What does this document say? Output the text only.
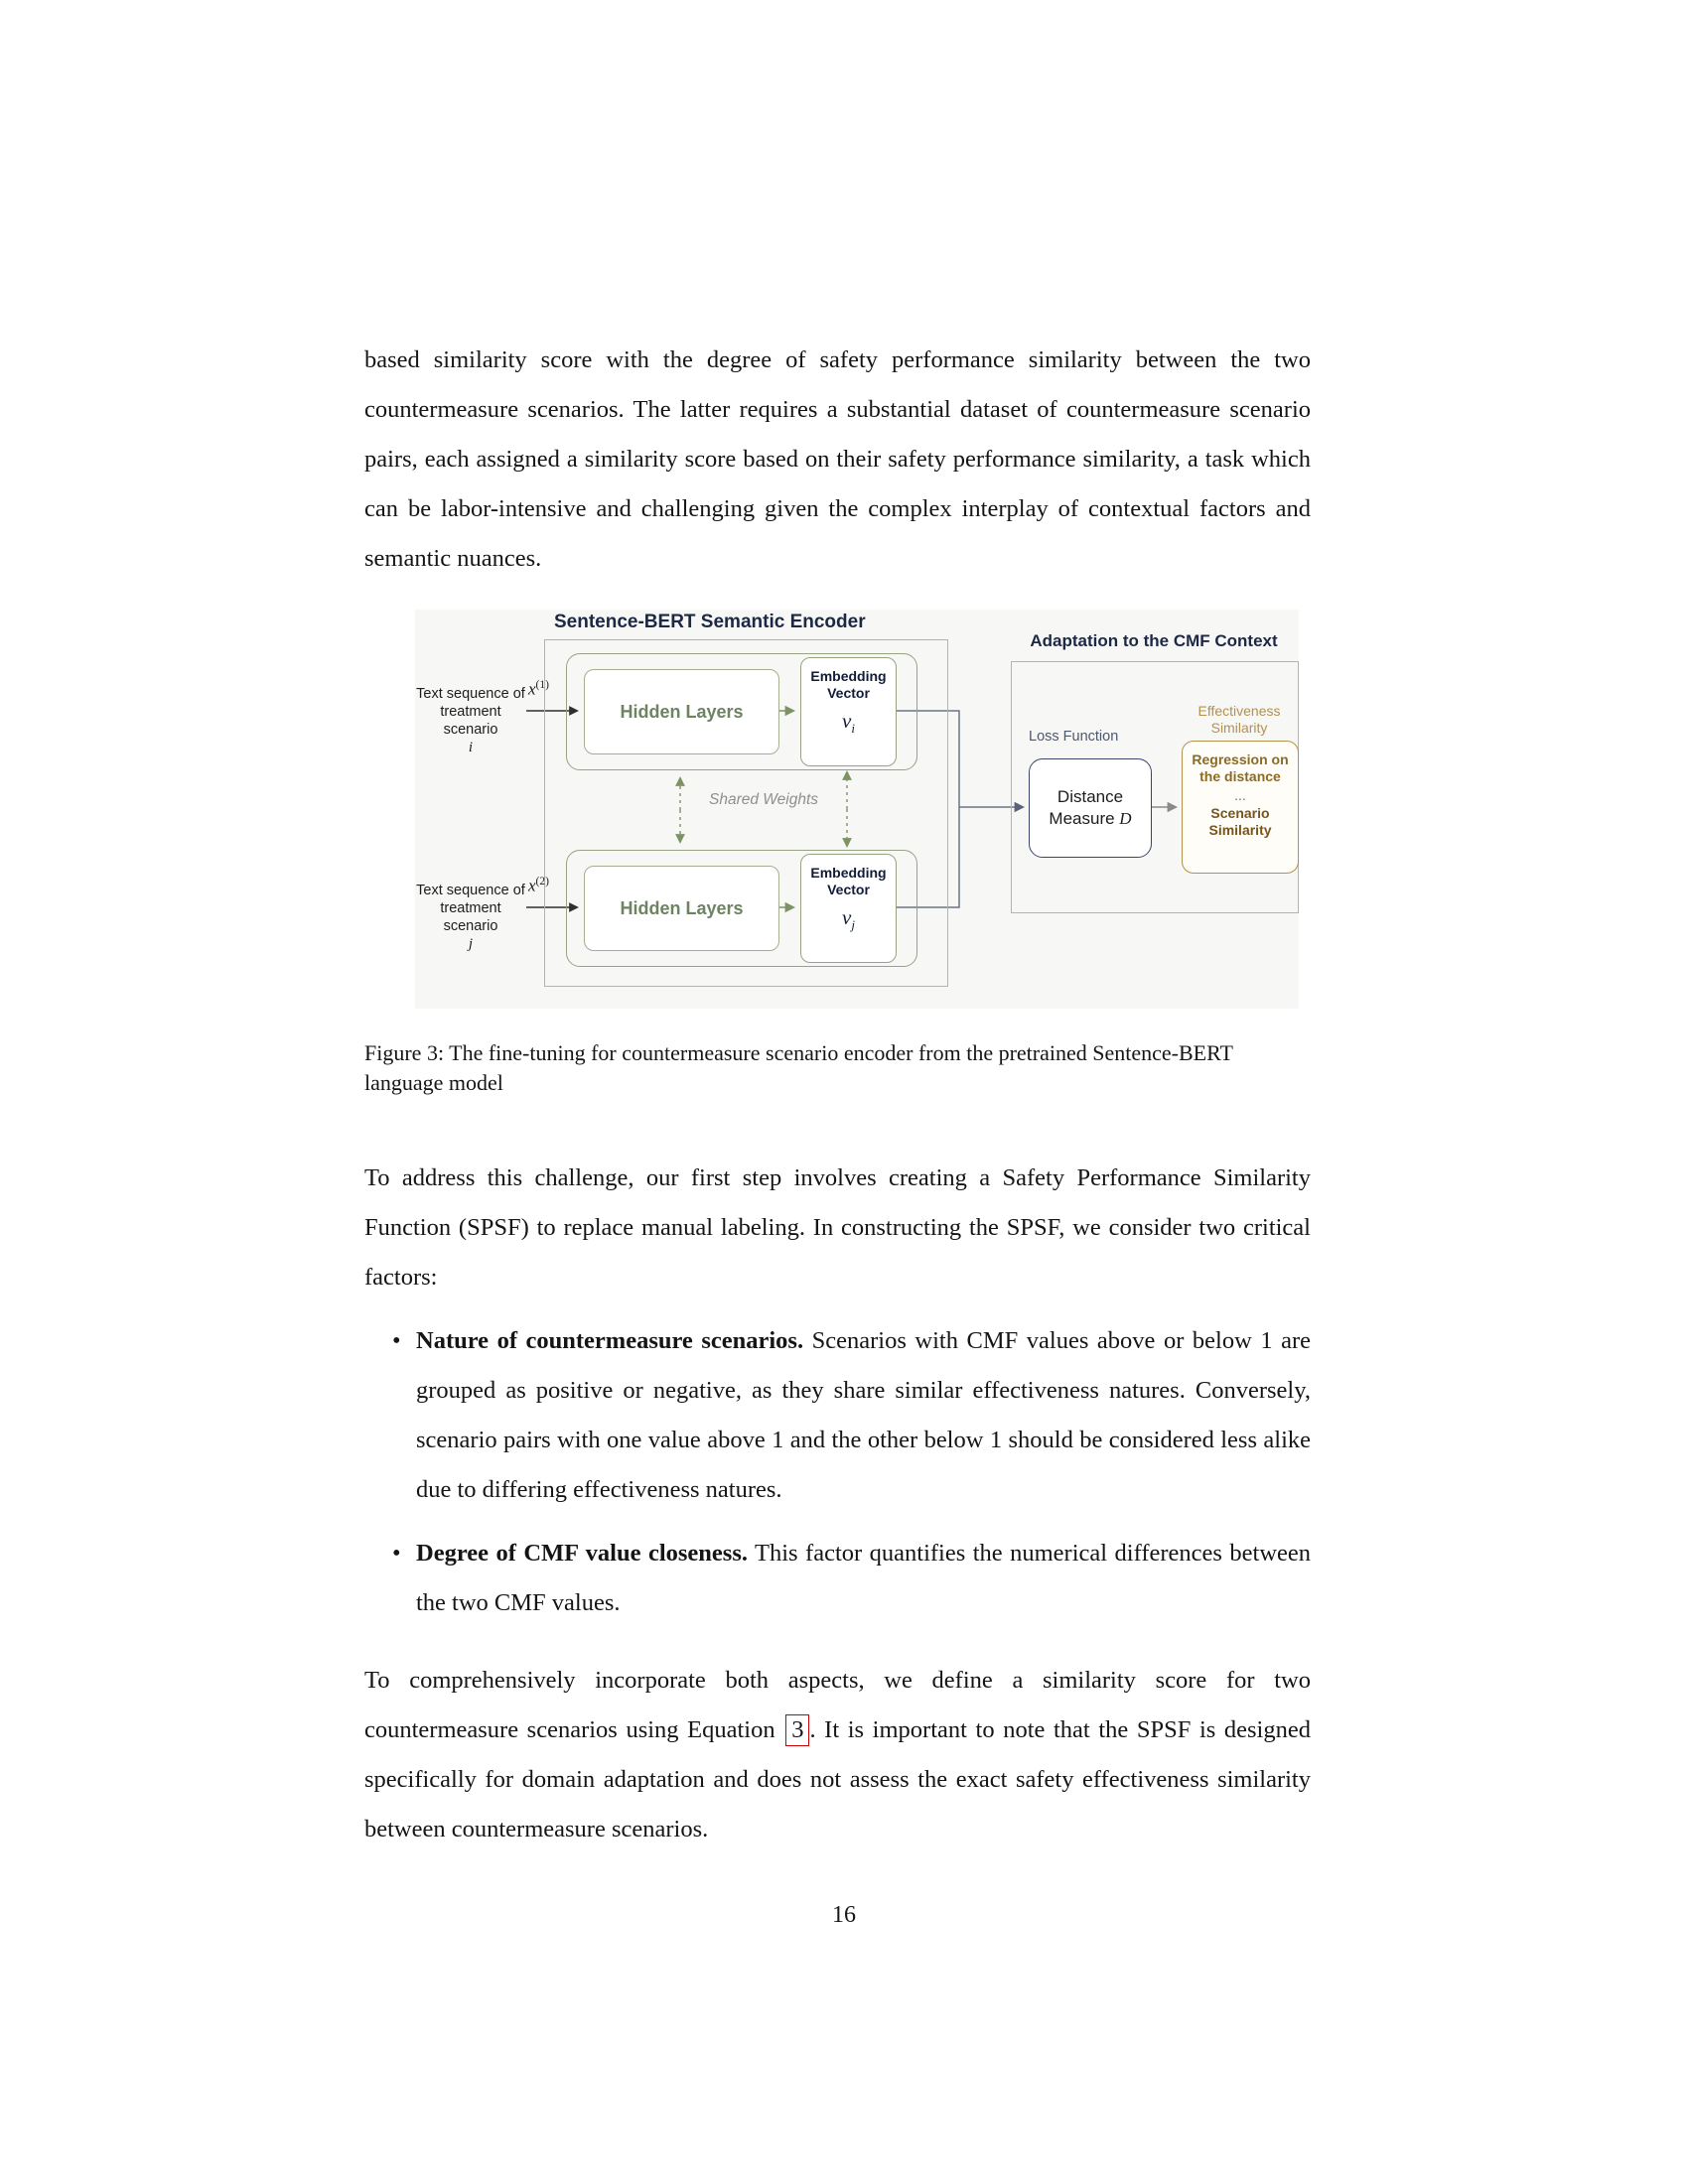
based similarity score with the degree of safety performance similarity between the two countermeasure scenarios. The latter requires a substantial dataset of countermeasure scenario pairs, each assigned a similarity score based on their safety performance similarity, a task which can be labor-intensive and challenging given the complex interplay of contextual factors and semantic nuances.

Sentence-BERT Semantic Encoder
Text sequence of treatment scenario
i
Text sequence of treatment scenario
j
$x^{(1)}$
$x^{(2)}$
Hidden Layers
Hidden Layers
Shared Weights
Embedding Vector
$v_i$
Embedding Vector
$v_j$
Adaptation to the CMF Context
Loss Function
Effectiveness Similarity
Distance Measure D
Regression on the distance
...
Scenario Similarity
Figure 3: The fine-tuning for countermeasure scenario encoder from the pretrained Sentence-BERT language model

To address this challenge, our first step involves creating a Safety Performance Similarity Function (SPSF) to replace manual labeling. In constructing the SPSF, we consider two critical factors:

• Nature of countermeasure scenarios. Scenarios with CMF values above or below 1 are grouped as positive or negative, as they share similar effectiveness natures. Conversely, scenario pairs with one value above 1 and the other below 1 should be considered less alike due to differing effectiveness natures.
• Degree of CMF value closeness. This factor quantifies the numerical differences between the two CMF values.

To comprehensively incorporate both aspects, we define a similarity score for two countermeasure scenarios using Equation 3 . It is important to note that the SPSF is designed specifically for domain adaptation and does not assess the exact safety effectiveness similarity between countermeasure scenarios.

16
